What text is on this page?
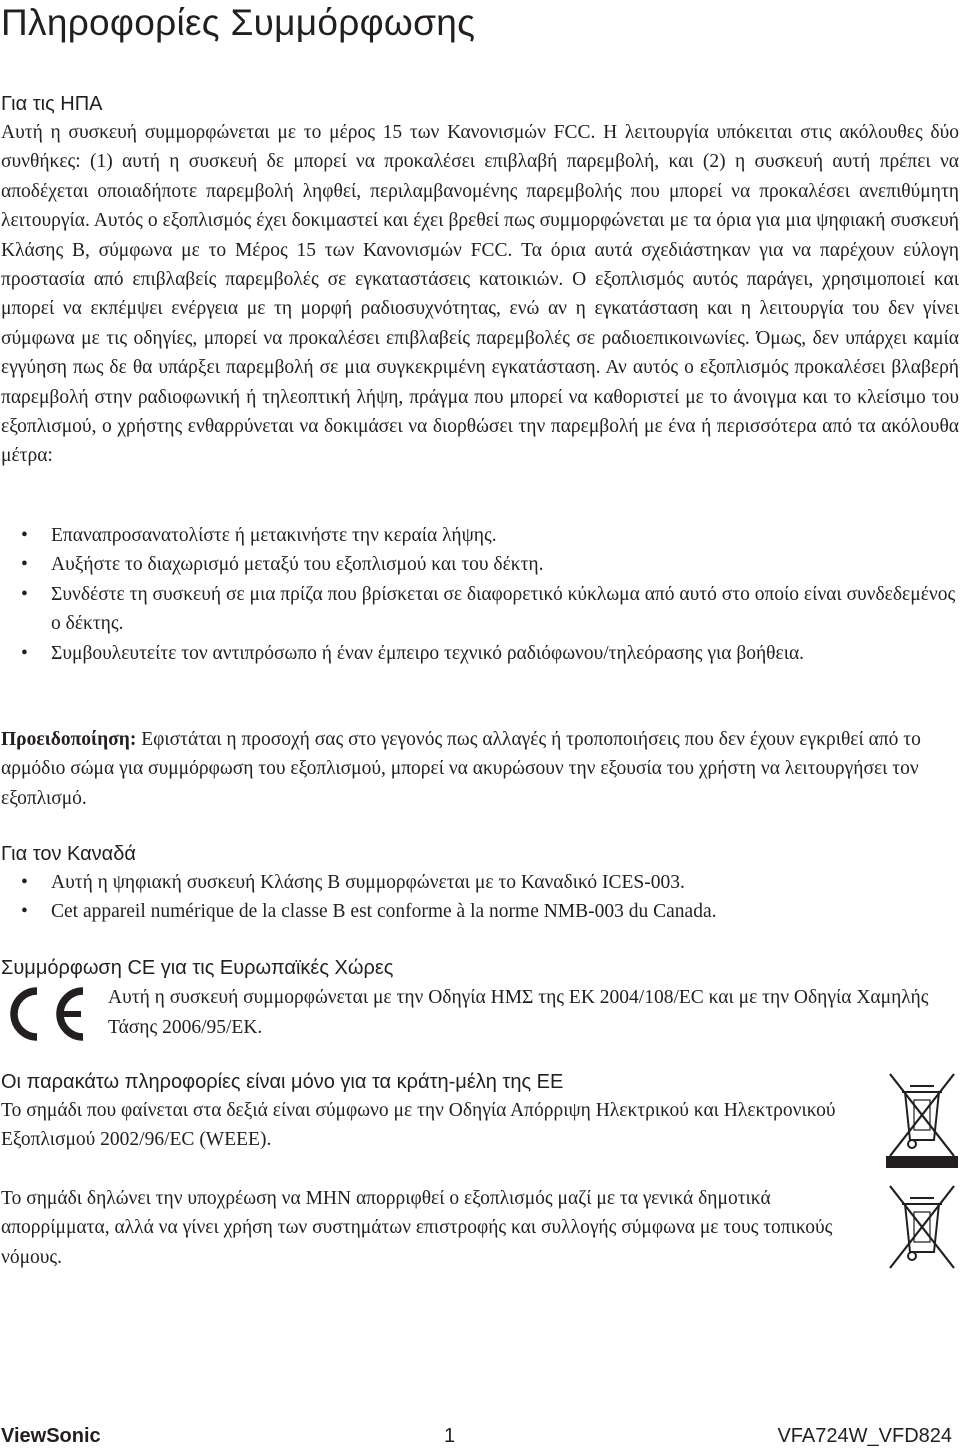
Πληροφορίες Συμμόρφωσης
Για τις ΗΠΑ

Αυτή η συσκευή συμμορφώνεται με το μέρος 15 των Κανονισμών FCC. Η λειτουργία υπόκειται στις ακόλουθες δύο συνθήκες: (1) αυτή η συσκευή δε μπορεί να προκαλέσει επιβλαβή παρεμβολή, και (2) η συσκευή αυτή πρέπει να αποδέχεται οποιαδήποτε παρεμβολή ληφθεί, περιλαμβανομένης παρεμβολής που μπορεί να προκαλέσει ανεπιθύμητη λειτουργία. Αυτός ο εξοπλισμός έχει δοκιμαστεί και έχει βρεθεί πως συμμορφώνεται με τα όρια για μια ψηφιακή συσκευή Κλάσης B, σύμφωνα με το Μέρος 15 των Κανονισμών FCC. Τα όρια αυτά σχεδιάστηκαν για να παρέχουν εύλογη προστασία από επιβλαβείς παρεμβολές σε εγκαταστάσεις κατοικιών. Ο εξοπλισμός αυτός παράγει, χρησιμοποιεί και μπορεί να εκπέμψει ενέργεια με τη μορφή ραδιοσυχνότητας, ενώ αν η εγκατάσταση και η λειτουργία του δεν γίνει σύμφωνα με τις οδηγίες, μπορεί να προκαλέσει επιβλαβείς παρεμβολές σε ραδιοεπικοινωνίες. Όμως, δεν υπάρχει καμία εγγύηση πως δε θα υπάρξει παρεμβολή σε μια συγκεκριμένη εγκατάσταση. Αν αυτός ο εξοπλισμός προκαλέσει βλαβερή παρεμβολή στην ραδιοφωνική ή τηλεοπτική λήψη, πράγμα που μπορεί να καθοριστεί με το άνοιγμα και το κλείσιμο του εξοπλισμού, ο χρήστης ενθαρρύνεται να δοκιμάσει να διορθώσει την παρεμβολή με ένα ή περισσότερα από τα ακόλουθα μέτρα:

• Επαναπροσανατολίστε ή μετακινήστε την κεραία λήψης.
• Αυξήστε το διαχωρισμό μεταξύ του εξοπλισμού και του δέκτη.
• Συνδέστε τη συσκευή σε μια πρίζα που βρίσκεται σε διαφορετικό κύκλωμα από αυτό στο οποίο είναι συνδεδεμένος ο δέκτης.
• Συμβουλευτείτε τον αντιπρόσωπο ή έναν έμπειρο τεχνικό ραδιόφωνου/τηλεόρασης για βοήθεια.

Προειδοποίηση: Εφιστάται η προσοχή σας στο γεγονός πως αλλαγές ή τροποποιήσεις που δεν έχουν εγκριθεί από το αρμόδιο σώμα για συμμόρφωση του εξοπλισμού, μπορεί να ακυρώσουν την εξουσία του χρήστη να λειτουργήσει τον εξοπλισμό.

Για τον Καναδά
• Αυτή η ψηφιακή συσκευή Κλάσης B συμμορφώνεται με το Καναδικό ICES-003.
• Cet appareil numérique de la classe B est conforme à la norme NMB-003 du Canada.
Συμμόρφωση CE για τις Ευρωπαϊκές Χώρες
Αυτή η συσκευή συμμορφώνεται με την Οδηγία ΗΜΣ της ΕΚ 2004/108/EC και με την Οδηγία Χαμηλής Τάσης 2006/95/ΕΚ.
Οι παρακάτω πληροφορίες είναι μόνο για τα κράτη-μέλη της ΕΕ

Το σημάδι που φαίνεται στα δεξιά είναι σύμφωνο με την Οδηγία Απόρριψη Ηλεκτρικού και Ηλεκτρονικού Εξοπλισμού 2002/96/EC (WEEE).

Το σημάδι δηλώνει την υποχρέωση να ΜΗΝ απορριφθεί ο εξοπλισμός μαζί με τα γενικά δημοτικά απορρίμματα, αλλά να γίνει χρήση των συστημάτων επιστροφής και συλλογής σύμφωνα με τους τοπικούς νόμους.

ViewSonic	1	VFA724W_VFD824
